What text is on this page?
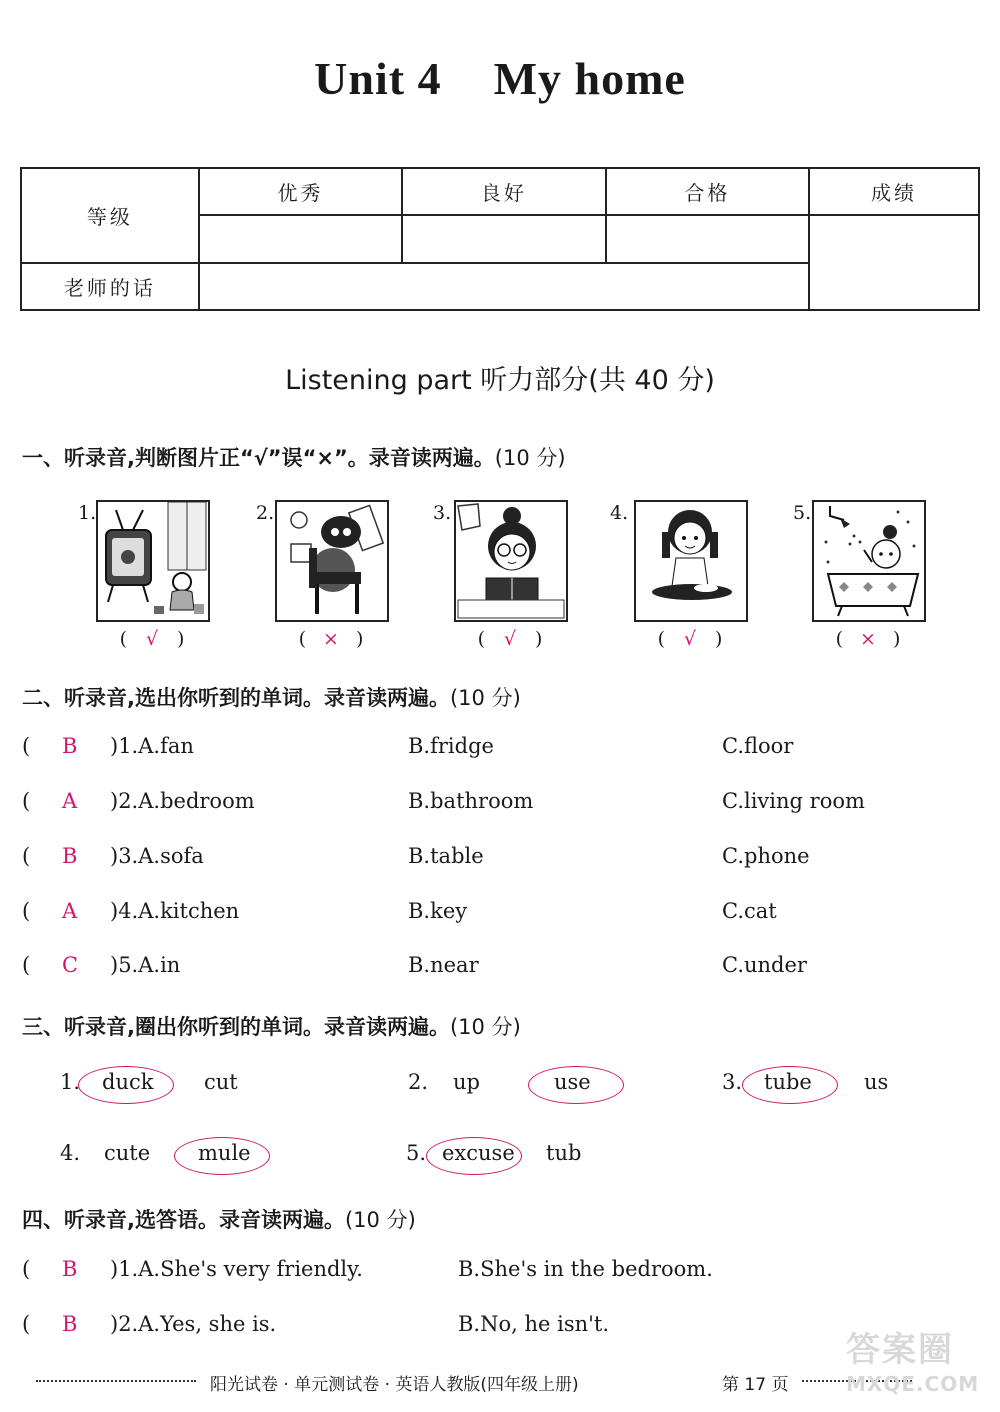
Unit 4 My home
等级	优秀	良好	合格	成绩

老师的话				
Listening part 听力部分(共 40 分)
一、听录音,判断图片正“√”误“×”。录音读两遍。(10 分)
1.
( √ )
2.
( × )
3.
( √ )
4.
( √ )
5.
( × )
二、听录音,选出你听到的单词。录音读两遍。(10 分)
( B )1.A.fan	B.fridge	C.floor
( A )2.A.bedroom	B.bathroom	C.living room
( B )3.A.sofa	B.table	C.phone
( A )4.A.kitchen	B.key	C.cat
( C )5.A.in	B.near	C.under
三、听录音,圈出你听到的单词。录音读两遍。(10 分)
1. duck cut	2. up	use	3. tube us
4. cute mule	5. excuse tub
四、听录音,选答语。录音读两遍。(10 分)
( B )1.A.She's very friendly.	B.She's in the bedroom.
( B )2.A.Yes, she is.	B.No, he isn't.
阳光试卷 · 单元测试卷 · 英语人教版(四年级上册)	第 17 页
答案圈
MXQE.COM
